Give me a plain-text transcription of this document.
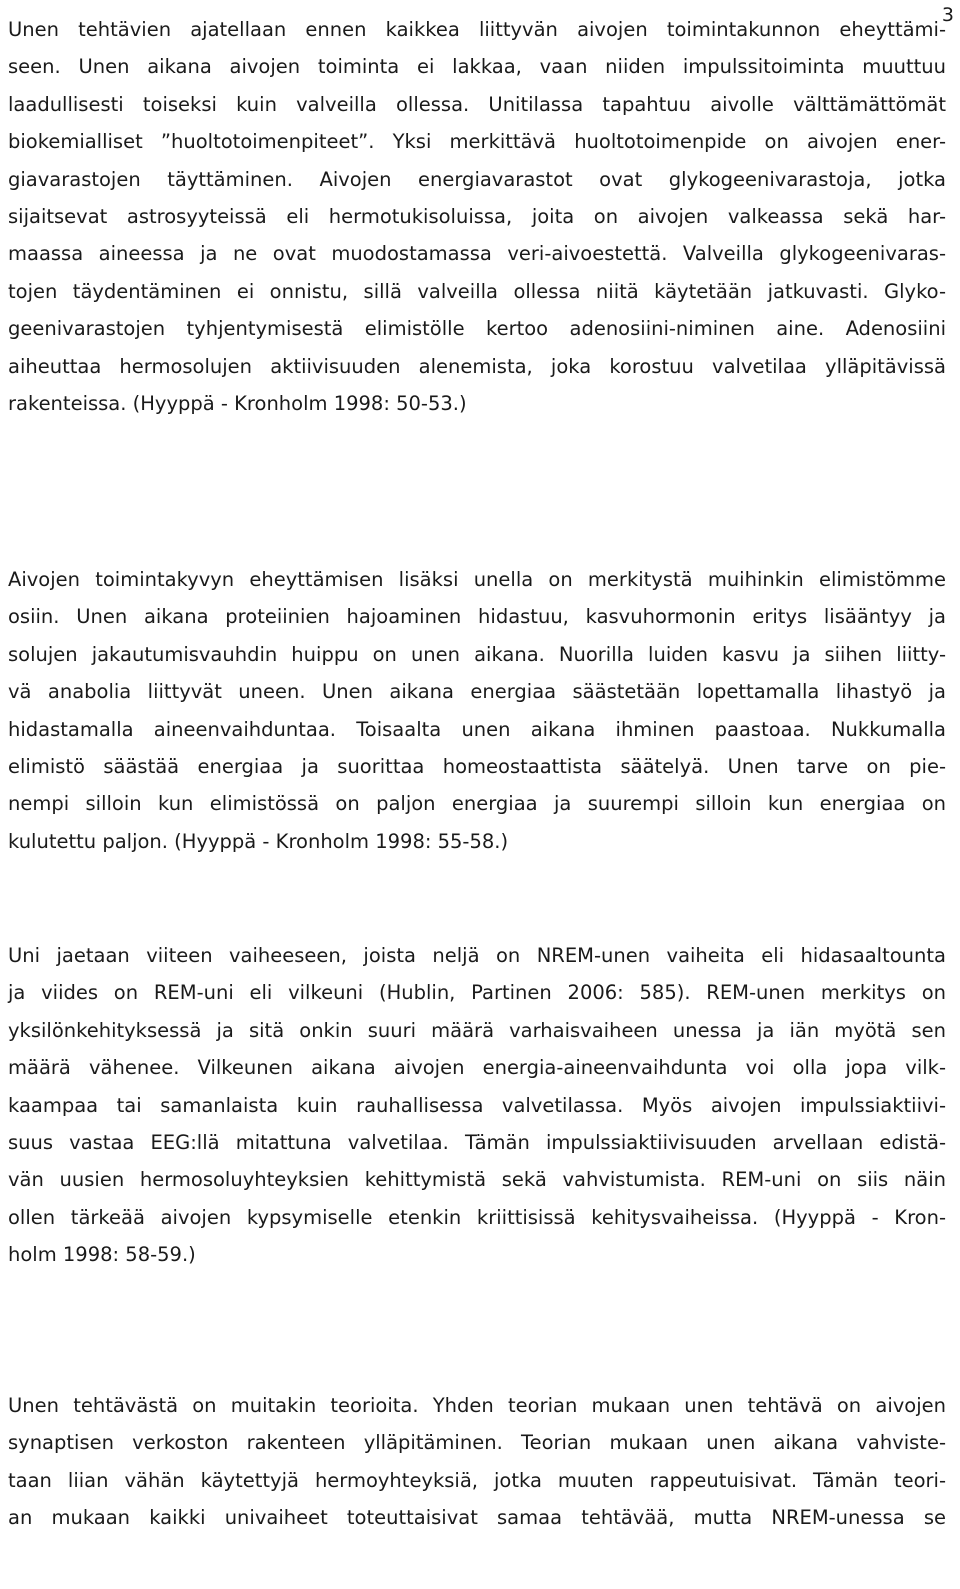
3
Unen tehtävien ajatellaan ennen kaikkea liittyvän aivojen toimintakunnon eheyttämi-
seen. Unen aikana aivojen toiminta ei lakkaa, vaan niiden impulssitoiminta muuttuu
laadullisesti toiseksi kuin valveilla ollessa. Unitilassa tapahtuu aivolle välttämättömät
biokemialliset ”huoltotoimenpiteet”. Yksi merkittävä huoltotoimenpide on aivojen ener-
giavarastojen täyttäminen. Aivojen energiavarastot ovat glykogeenivarastoja, jotka
sijaitsevat astrosyyteissä eli hermotukisoluissa, joita on aivojen valkeassa sekä har-
maassa aineessa ja ne ovat muodostamassa veri-aivoestettä. Valveilla glykogeenivaras-
tojen täydentäminen ei onnistu, sillä valveilla ollessa niitä käytetään jatkuvasti. Glyko-
geenivarastojen tyhjentymisestä elimistölle kertoo adenosiini-niminen aine. Adenosiini
aiheuttaa hermosolujen aktiivisuuden alenemista, joka korostuu valvetilaa ylläpitävissä
rakenteissa. (Hyyppä - Kronholm 1998: 50-53.)
Aivojen toimintakyvyn eheyttämisen lisäksi unella on merkitystä muihinkin elimistömme
osiin. Unen aikana proteiinien hajoaminen hidastuu, kasvuhormonin eritys lisääntyy ja
solujen jakautumisvauhdin huippu on unen aikana. Nuorilla luiden kasvu ja siihen liitty-
vä anabolia liittyvät uneen. Unen aikana energiaa säästetään lopettamalla lihastyö ja
hidastamalla aineenvaihduntaa. Toisaalta unen aikana ihminen paastoaa. Nukkumalla
elimistö säästää energiaa ja suorittaa homeostaattista säätelyä. Unen tarve on pie-
nempi silloin kun elimistössä on paljon energiaa ja suurempi silloin kun energiaa on
kulutettu paljon. (Hyyppä - Kronholm 1998: 55-58.)
Uni jaetaan viiteen vaiheeseen, joista neljä on NREM-unen vaiheita eli hidasaaltounta
ja viides on REM-uni eli vilkeuni (Hublin, Partinen 2006: 585). REM-unen merkitys on
yksilönkehityksessä ja sitä onkin suuri määrä varhaisvaiheen unessa ja iän myötä sen
määrä vähenee. Vilkeunen aikana aivojen energia-aineenvaihdunta voi olla jopa vilk-
kaampaa tai samanlaista kuin rauhallisessa valvetilassa. Myös aivojen impulssiaktiivi-
suus vastaa EEG:llä mitattuna valvetilaa. Tämän impulssiaktiivisuuden arvellaan edistä-
vän uusien hermosoluyhteyksien kehittymistä sekä vahvistumista. REM-uni on siis näin
ollen tärkeää aivojen kypsymiselle etenkin kriittisissä kehitysvaiheissa. (Hyyppä - Kron-
holm 1998: 58-59.)
Unen tehtävästä on muitakin teorioita. Yhden teorian mukaan unen tehtävä on aivojen
synaptisen verkoston rakenteen ylläpitäminen. Teorian mukaan unen aikana vahviste-
taan liian vähän käytettyjä hermoyhteyksiä, jotka muuten rappeutuisivat. Tämän teori-
an mukaan kaikki univaiheet toteuttaisivat samaa tehtävää, mutta NREM-unessa se
